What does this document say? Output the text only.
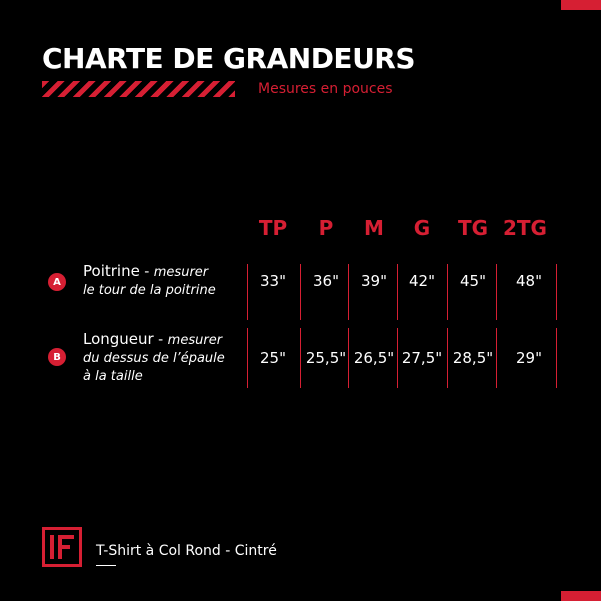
CHARTE DE GRANDEURS
Mesures en pouces
TP	P	M	G	TG 2TG
A
Poitrine - mesurer
le tour de la poitrine
33"	36"	39"	42"	45"	48"
B
Longueur - mesurer
du dessus de l’épaule
à la taille
25"	25,5" 26,5" 27,5" 28,5"	29"
T-Shirt à Col Rond - Cintré
